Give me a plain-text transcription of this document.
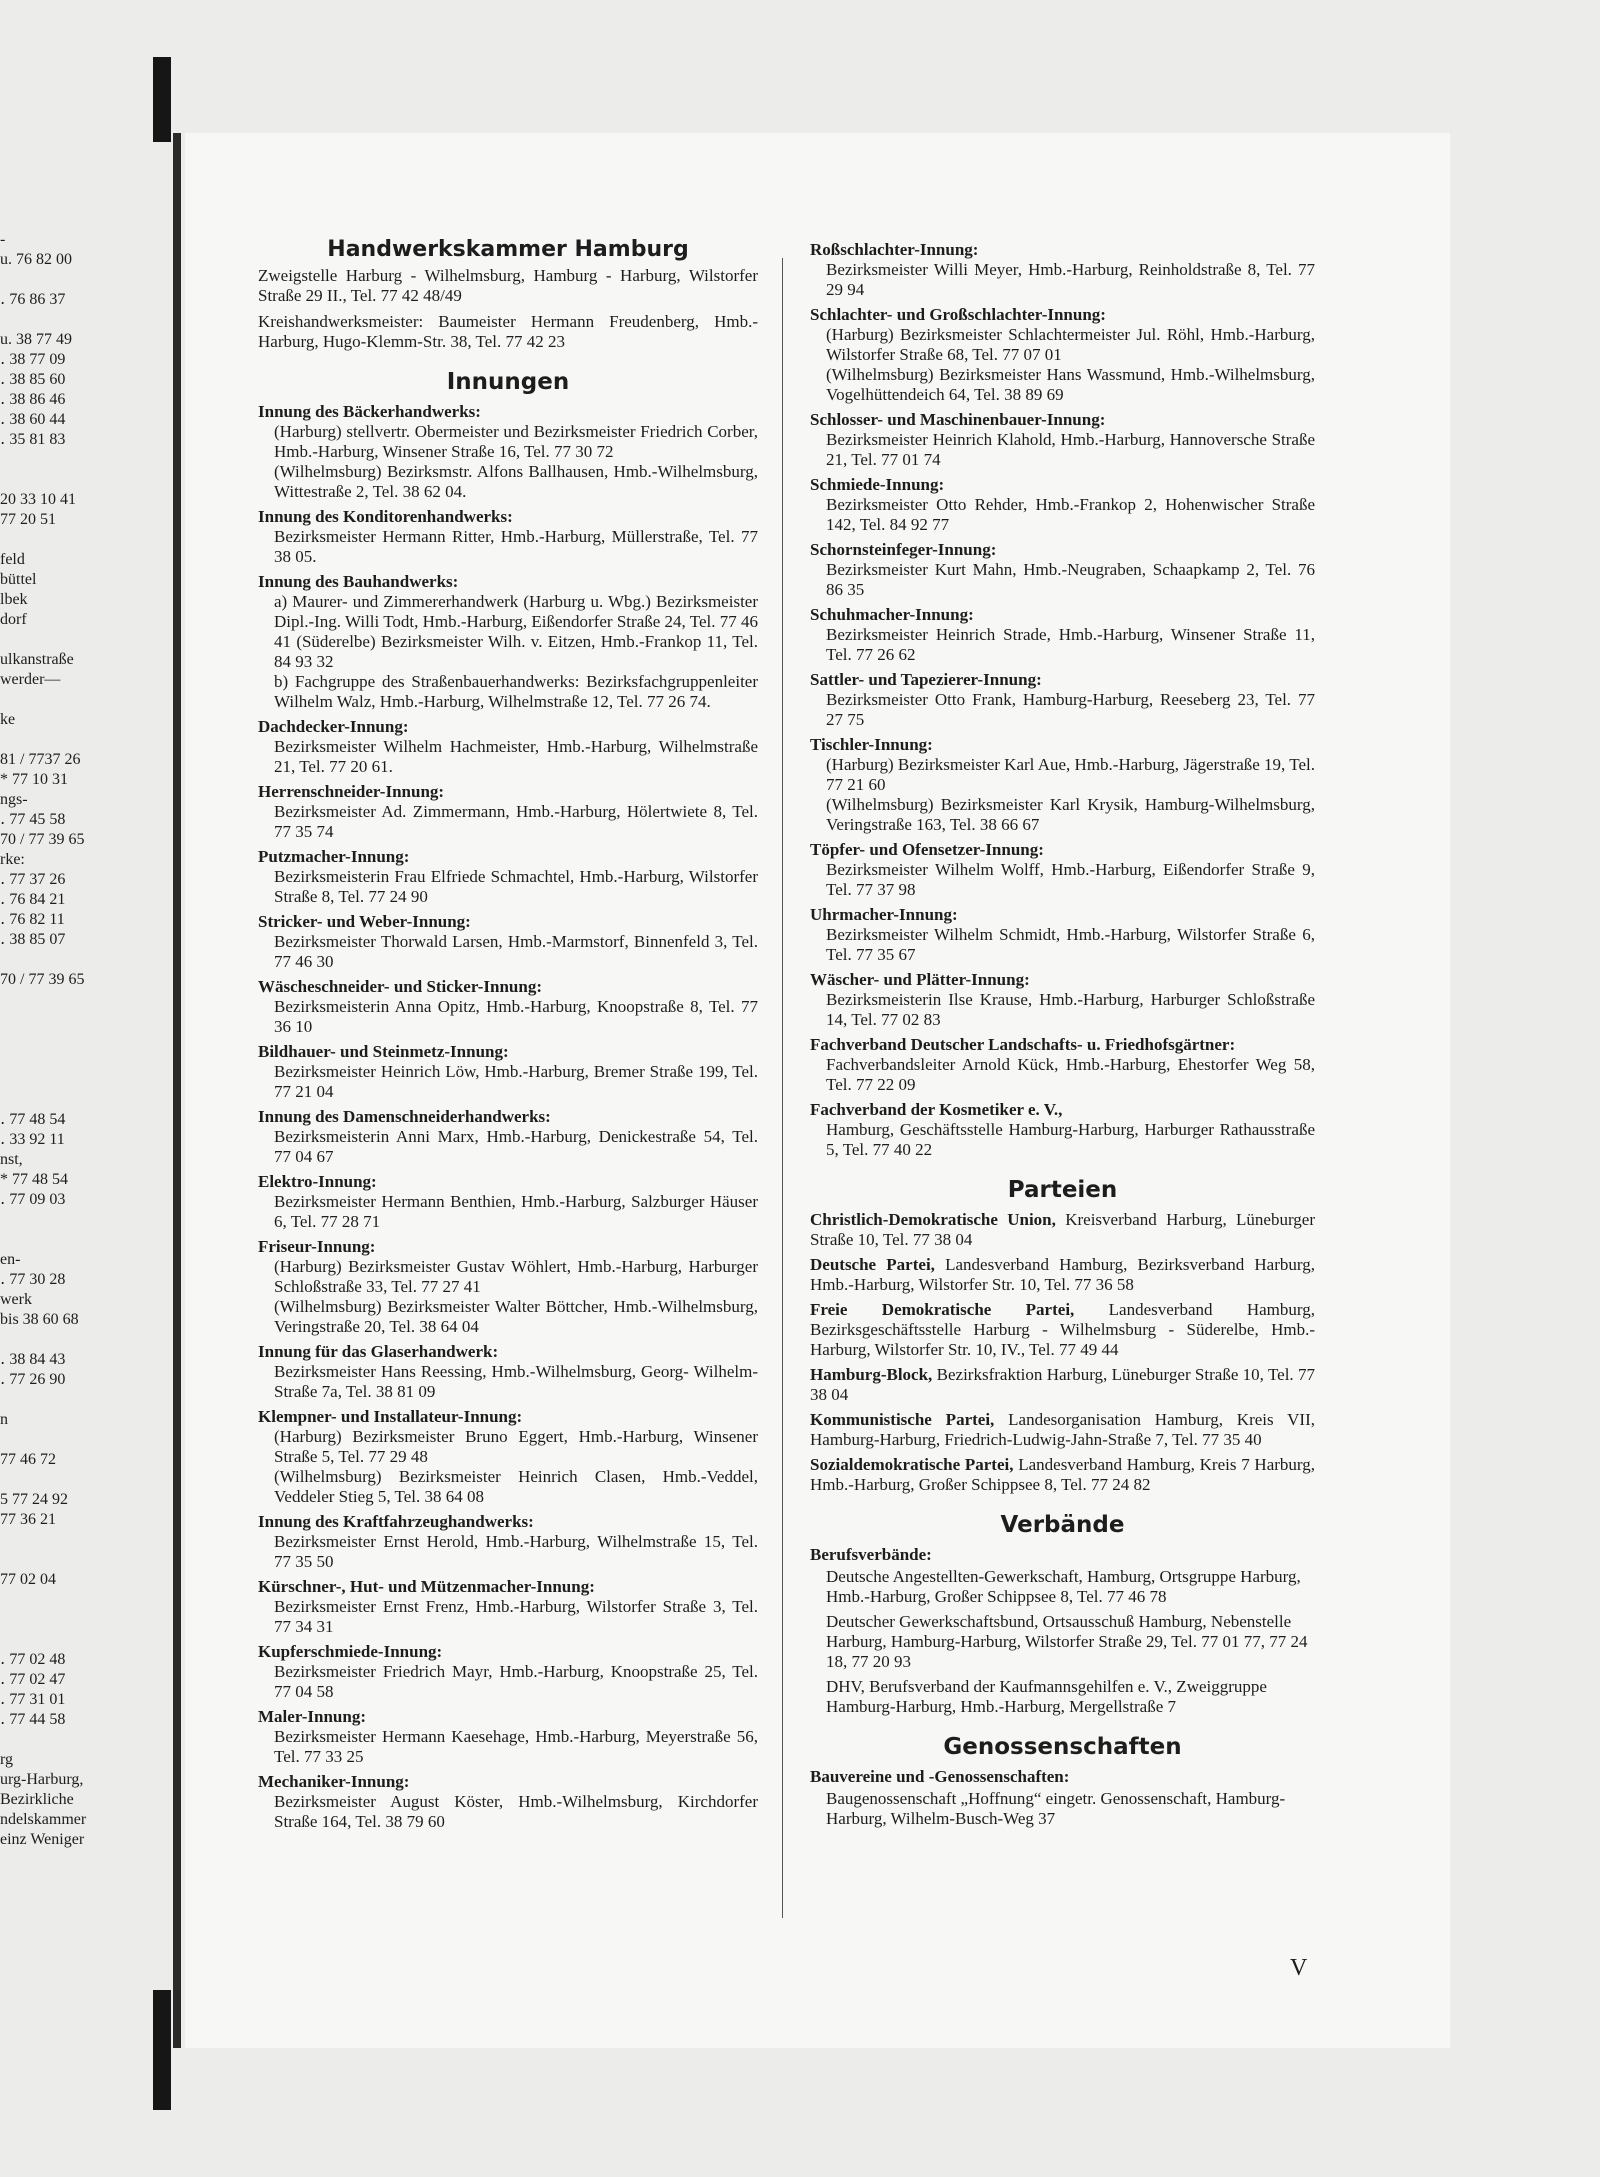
-
u. 76 82 00
․ 76 86 37
u. 38 77 49
․ 38 77 09
․ 38 85 60
․ 38 86 46
․ 38 60 44
․ 35 81 83
20 33 10 41
77 20 51
feld
büttel
lbek
dorf
ulkanstraße
werder—
ke
81 / 7737 26
* 77 10 31
ngs-
․ 77 45 58
70 / 77 39 65
rke:
․ 77 37 26
․ 76 84 21
․ 76 82 11
․ 38 85 07
70 / 77 39 65
․ 77 48 54
․ 33 92 11
nst,
* 77 48 54
․ 77 09 03
en-
․ 77 30 28
werk
bis 38 60 68
․ 38 84 43
․ 77 26 90
n
77 46 72
5 77 24 92
77 36 21
77 02 04
․ 77 02 48
․ 77 02 47
․ 77 31 01
․ 77 44 58
rg
urg-Harburg,
Bezirkliche
ndelskammer
einz Weniger
Handwerkskammer Hamburg

Zweigstelle Harburg - Wilhelmsburg, Hamburg - Harburg, Wilstorfer Straße 29 II., Tel. 77 42 48/49

Kreishandwerksmeister: Baumeister Hermann Freudenberg, Hmb.-Harburg, Hugo-Klemm-Str. 38, Tel. 77 42 23

Innungen
Innung des Bäckerhandwerks:
(Harburg) stellvertr. Obermeister und Bezirksmeister Friedrich Corber, Hmb.-Harburg, Winsener Straße 16, Tel. 77 30 72
(Wilhelmsburg) Bezirksmstr. Alfons Ballhausen, Hmb.-Wilhelmsburg, Wittestraße 2, Tel. 38 62 04.
Innung des Konditorenhandwerks:
Bezirksmeister Hermann Ritter, Hmb.-Harburg, Müllerstraße, Tel. 77 38 05.
Innung des Bauhandwerks:
a) Maurer- und Zimmererhandwerk (Harburg u. Wbg.) Bezirksmeister Dipl.-Ing. Willi Todt, Hmb.-Harburg, Eißendorfer Straße 24, Tel. 77 46 41 (Süderelbe) Bezirksmeister Wilh. v. Eitzen, Hmb.-Frankop 11, Tel. 84 93 32
b) Fachgruppe des Straßenbauerhandwerks: Bezirksfachgruppenleiter Wilhelm Walz, Hmb.-Harburg, Wilhelmstraße 12, Tel. 77 26 74.
Dachdecker-Innung:
Bezirksmeister Wilhelm Hachmeister, Hmb.-Harburg, Wilhelmstraße 21, Tel. 77 20 61.
Herrenschneider-Innung:
Bezirksmeister Ad. Zimmermann, Hmb.-Harburg, Hölertwiete 8, Tel. 77 35 74
Putzmacher-Innung:
Bezirksmeisterin Frau Elfriede Schmachtel, Hmb.-Harburg, Wilstorfer Straße 8, Tel. 77 24 90
Stricker- und Weber-Innung:
Bezirksmeister Thorwald Larsen, Hmb.-Marmstorf, Binnenfeld 3, Tel. 77 46 30
Wäscheschneider- und Sticker-Innung:
Bezirksmeisterin Anna Opitz, Hmb.-Harburg, Knoopstraße 8, Tel. 77 36 10
Bildhauer- und Steinmetz-Innung:
Bezirksmeister Heinrich Löw, Hmb.-Harburg, Bremer Straße 199, Tel. 77 21 04
Innung des Damenschneiderhandwerks:
Bezirksmeisterin Anni Marx, Hmb.-Harburg, Denickestraße 54, Tel. 77 04 67
Elektro-Innung:
Bezirksmeister Hermann Benthien, Hmb.-Harburg, Salzburger Häuser 6, Tel. 77 28 71
Friseur-Innung:
(Harburg) Bezirksmeister Gustav Wöhlert, Hmb.-Harburg, Harburger Schloßstraße 33, Tel. 77 27 41
(Wilhelmsburg) Bezirksmeister Walter Böttcher, Hmb.-Wilhelmsburg, Veringstraße 20, Tel. 38 64 04
Innung für das Glaserhandwerk:
Bezirksmeister Hans Reessing, Hmb.-Wilhelmsburg, Georg- Wilhelm-Straße 7a, Tel. 38 81 09
Klempner- und Installateur-Innung:
(Harburg) Bezirksmeister Bruno Eggert, Hmb.-Harburg, Winsener Straße 5, Tel. 77 29 48
(Wilhelmsburg) Bezirksmeister Heinrich Clasen, Hmb.-Veddel, Veddeler Stieg 5, Tel. 38 64 08
Innung des Kraftfahrzeughandwerks:
Bezirksmeister Ernst Herold, Hmb.-Harburg, Wilhelmstraße 15, Tel. 77 35 50
Kürschner-, Hut- und Mützenmacher-Innung:
Bezirksmeister Ernst Frenz, Hmb.-Harburg, Wilstorfer Straße 3, Tel. 77 34 31
Kupferschmiede-Innung:
Bezirksmeister Friedrich Mayr, Hmb.-Harburg, Knoopstraße 25, Tel. 77 04 58
Maler-Innung:
Bezirksmeister Hermann Kaesehage, Hmb.-Harburg, Meyerstraße 56, Tel. 77 33 25
Mechaniker-Innung:
Bezirksmeister August Köster, Hmb.-Wilhelmsburg, Kirchdorfer Straße 164, Tel. 38 79 60
Roßschlachter-Innung:
Bezirksmeister Willi Meyer, Hmb.-Harburg, Reinholdstraße 8, Tel. 77 29 94
Schlachter- und Großschlachter-Innung:
(Harburg) Bezirksmeister Schlachtermeister Jul. Röhl, Hmb.-Harburg, Wilstorfer Straße 68, Tel. 77 07 01
(Wilhelmsburg) Bezirksmeister Hans Wassmund, Hmb.-Wilhelmsburg, Vogelhüttendeich 64, Tel. 38 89 69
Schlosser- und Maschinenbauer-Innung:
Bezirksmeister Heinrich Klahold, Hmb.-Harburg, Hannoversche Straße 21, Tel. 77 01 74
Schmiede-Innung:
Bezirksmeister Otto Rehder, Hmb.-Frankop 2, Hohenwischer Straße 142, Tel. 84 92 77
Schornsteinfeger-Innung:
Bezirksmeister Kurt Mahn, Hmb.-Neugraben, Schaapkamp 2, Tel. 76 86 35
Schuhmacher-Innung:
Bezirksmeister Heinrich Strade, Hmb.-Harburg, Winsener Straße 11, Tel. 77 26 62
Sattler- und Tapezierer-Innung:
Bezirksmeister Otto Frank, Hamburg-Harburg, Reeseberg 23, Tel. 77 27 75
Tischler-Innung:
(Harburg) Bezirksmeister Karl Aue, Hmb.-Harburg, Jägerstraße 19, Tel. 77 21 60
(Wilhelmsburg) Bezirksmeister Karl Krysik, Hamburg-Wilhelmsburg, Veringstraße 163, Tel. 38 66 67
Töpfer- und Ofensetzer-Innung:
Bezirksmeister Wilhelm Wolff, Hmb.-Harburg, Eißendorfer Straße 9, Tel. 77 37 98
Uhrmacher-Innung:
Bezirksmeister Wilhelm Schmidt, Hmb.-Harburg, Wilstorfer Straße 6, Tel. 77 35 67
Wäscher- und Plätter-Innung:
Bezirksmeisterin Ilse Krause, Hmb.-Harburg, Harburger Schloßstraße 14, Tel. 77 02 83
Fachverband Deutscher Landschafts- u. Friedhofsgärtner:
Fachverbandsleiter Arnold Kück, Hmb.-Harburg, Ehestorfer Weg 58, Tel. 77 22 09
Fachverband der Kosmetiker e. V.,
Hamburg, Geschäftsstelle Hamburg-Harburg, Harburger Rathausstraße 5, Tel. 77 40 22
Parteien
Christlich-Demokratische Union, Kreisverband Harburg, Lüneburger Straße 10, Tel. 77 38 04
Deutsche Partei, Landesverband Hamburg, Bezirksverband Harburg, Hmb.-Harburg, Wilstorfer Str. 10, Tel. 77 36 58
Freie Demokratische Partei, Landesverband Hamburg, Bezirksgeschäftsstelle Harburg - Wilhelmsburg - Süderelbe, Hmb.-Harburg, Wilstorfer Str. 10, IV., Tel. 77 49 44
Hamburg-Block, Bezirksfraktion Harburg, Lüneburger Straße 10, Tel. 77 38 04
Kommunistische Partei, Landesorganisation Hamburg, Kreis VII, Hamburg-Harburg, Friedrich-Ludwig-Jahn-Straße 7, Tel. 77 35 40
Sozialdemokratische Partei, Landesverband Hamburg, Kreis 7 Harburg, Hmb.-Harburg, Großer Schippsee 8, Tel. 77 24 82
Verbände
Berufsverbände:
Deutsche Angestellten-Gewerkschaft, Hamburg, Ortsgruppe Harburg, Hmb.-Harburg, Großer Schippsee 8, Tel. 77 46 78
Deutscher Gewerkschaftsbund, Ortsausschuß Hamburg, Nebenstelle Harburg, Hamburg-Harburg, Wilstorfer Straße 29, Tel. 77 01 77, 77 24 18, 77 20 93
DHV, Berufsverband der Kaufmannsgehilfen e. V., Zweiggruppe Hamburg-Harburg, Hmb.-Harburg, Mergellstraße 7
Genossenschaften
Bauvereine und -Genossenschaften:
Baugenossenschaft „Hoffnung“ eingetr. Genossenschaft, Hamburg-Harburg, Wilhelm-Busch-Weg 37
V
